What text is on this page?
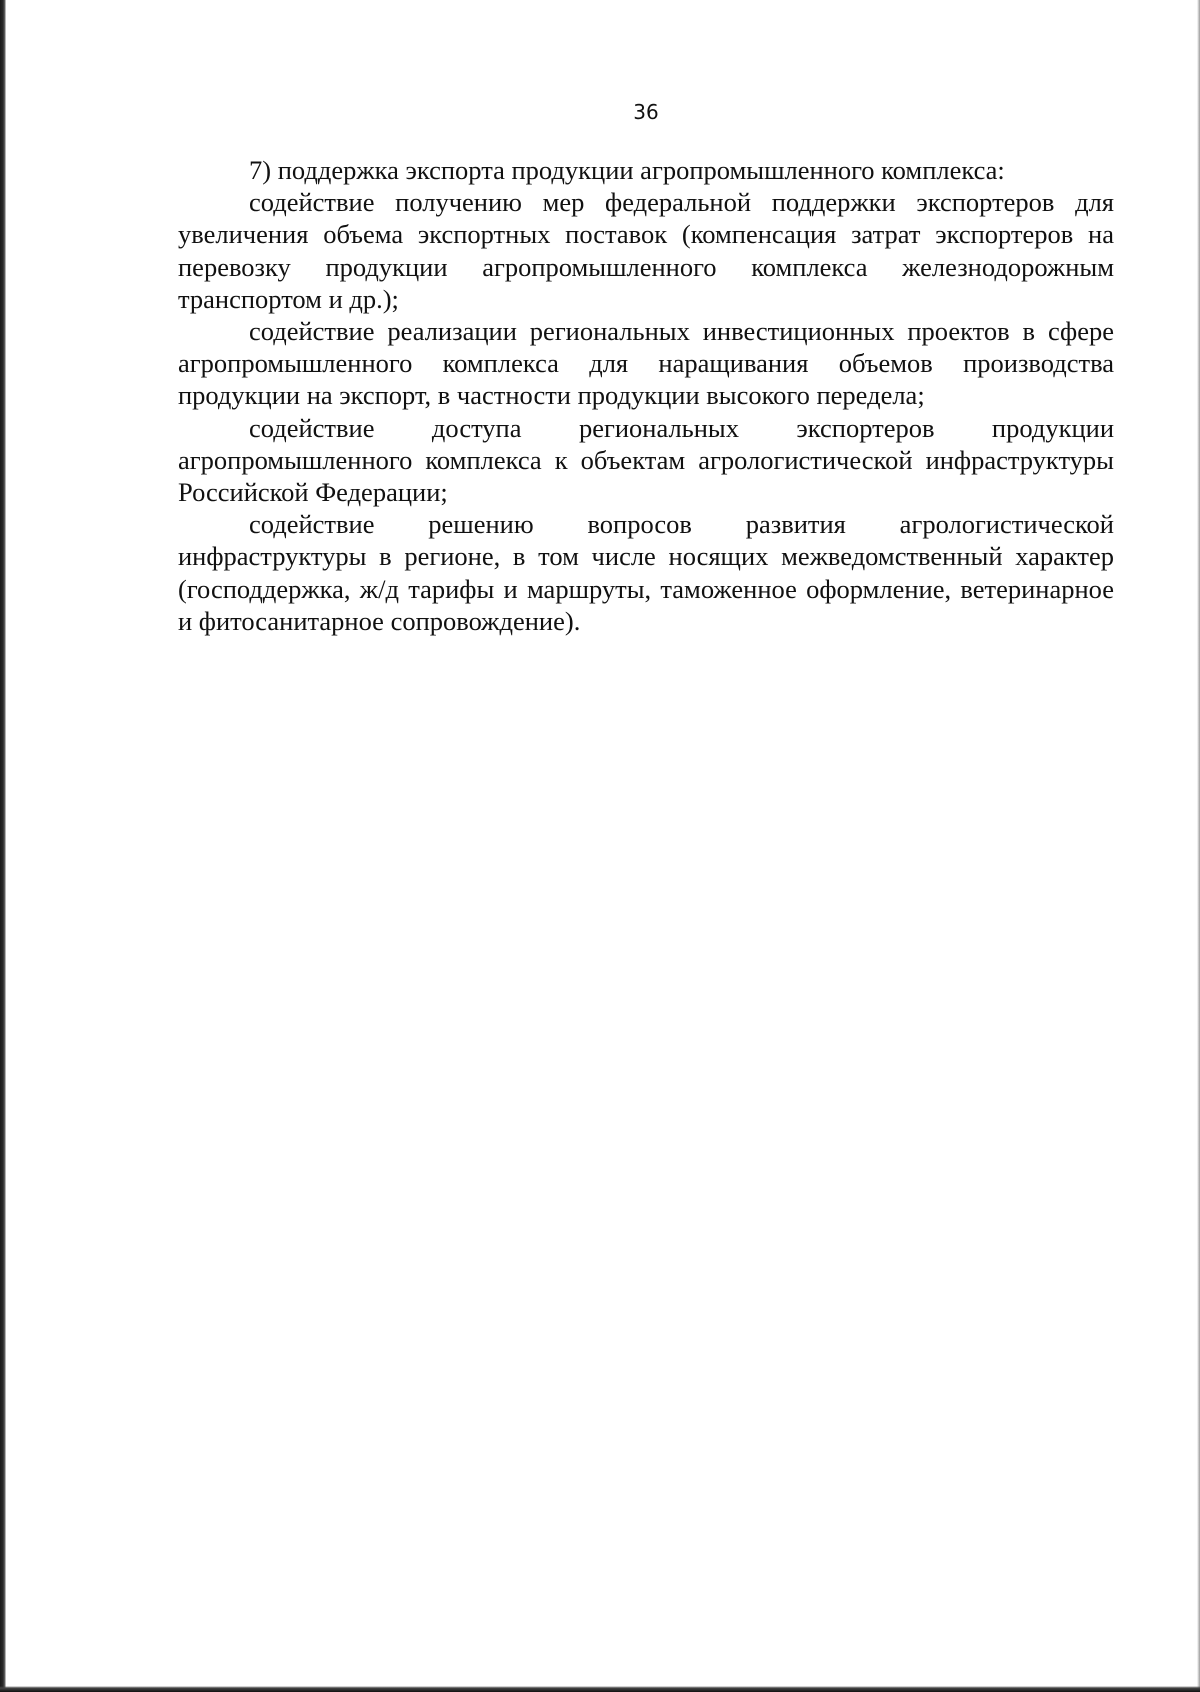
36

7) поддержка экспорта продукции агропромышленного комплекса:

содействие получению мер федеральной поддержки экспортеров для увеличения объема экспортных поставок (компенсация затрат экспортеров на перевозку продукции агропромышленного комплекса железнодорожным транспортом и др.);

содействие реализации региональных инвестиционных проектов в сфере агропромышленного комплекса для наращивания объемов производства продукции на экспорт, в частности продукции высокого передела;

содействие доступа региональных экспортеров продукции агропромышленного комплекса к объектам агрологистической инфраструктуры Российской Федерации;

содействие решению вопросов развития агрологистической инфраструктуры в регионе, в том числе носящих межведомственный характер (господдержка, ж/д тарифы и маршруты, таможенное оформление, ветеринарное и фитосанитарное сопровождение).
